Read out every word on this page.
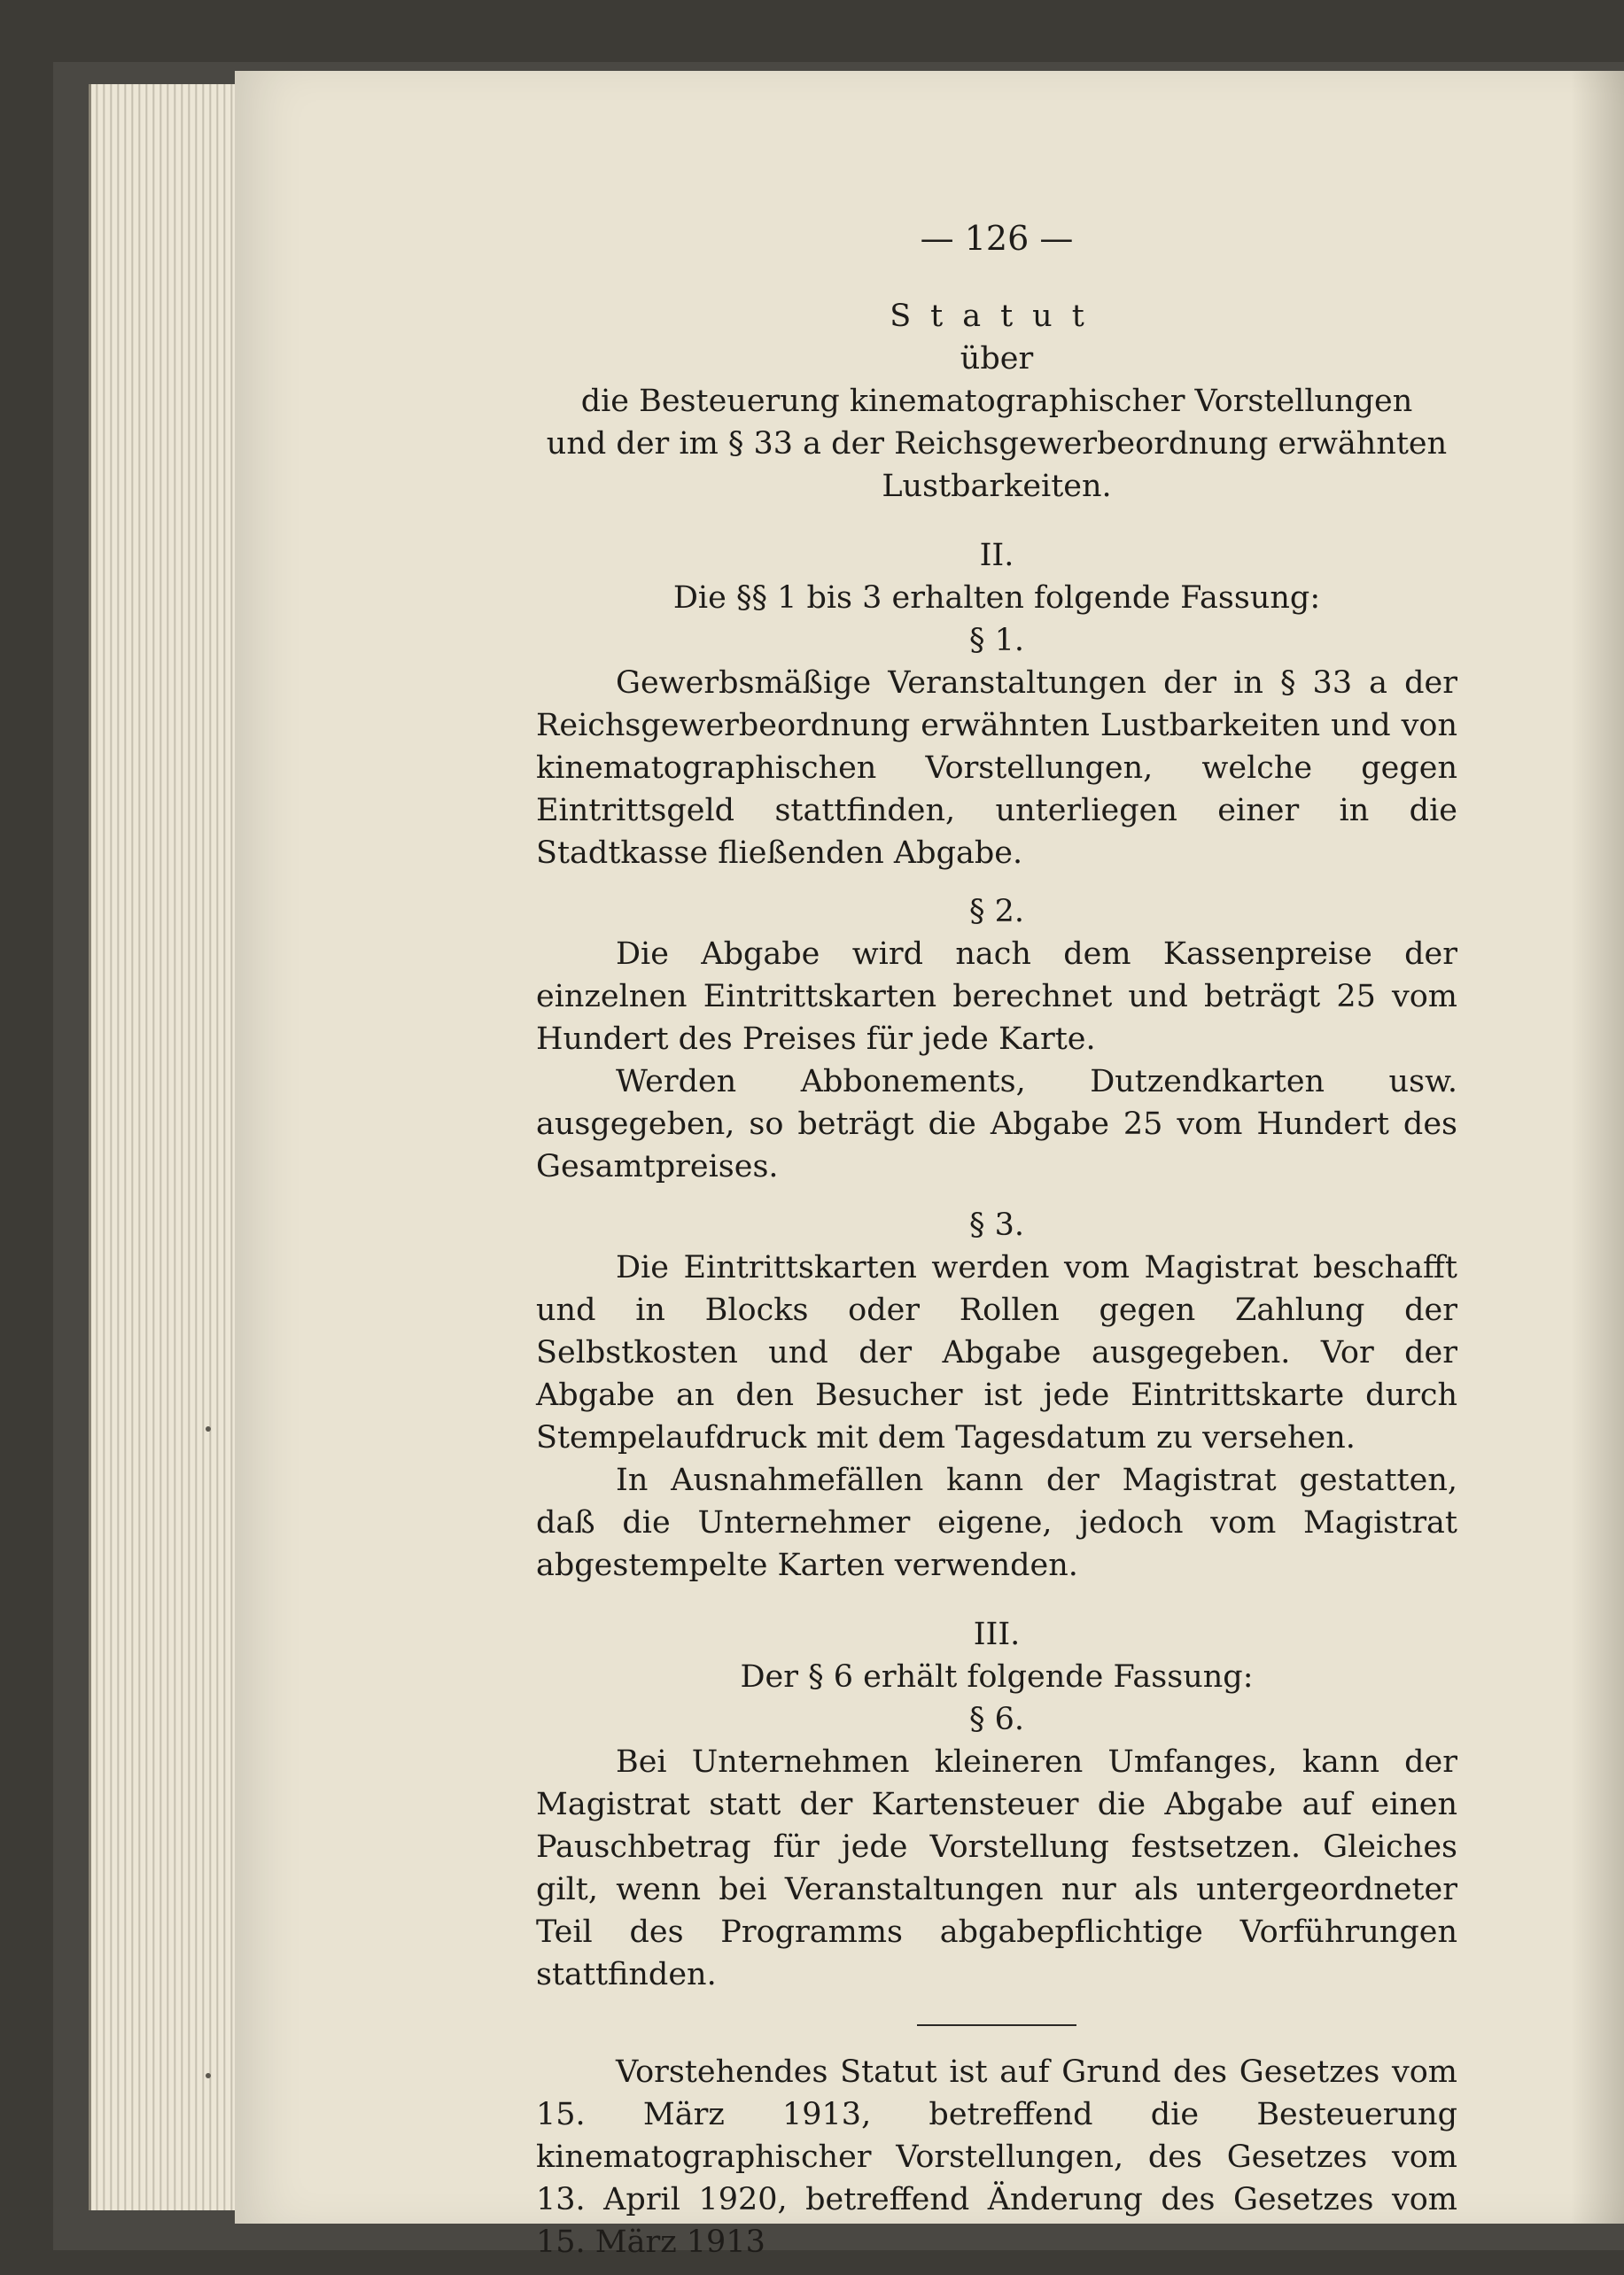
— 126 —
Statut
über
die Besteuerung kinematographischer Vorstellungen
und der im § 33 a der Reichsgewerbeordnung erwähnten
Lustbarkeiten.
II.
Die §§ 1 bis 3 erhalten folgende Fassung:
§ 1.
Gewerbsmäßige Veranstaltungen der in § 33 a der Reichsgewerbeordnung erwähnten Lustbarkeiten und von kinematographischen Vorstellungen, welche gegen Eintrittsgeld stattfinden, unterliegen einer in die Stadtkasse fließenden Abgabe.
§ 2.
Die Abgabe wird nach dem Kassenpreise der einzelnen Eintrittskarten berechnet und beträgt 25 vom Hundert des Preises für jede Karte.
Werden Abbonements, Dutzendkarten usw. ausgegeben, so beträgt die Abgabe 25 vom Hundert des Gesamtpreises.
§ 3.
Die Eintrittskarten werden vom Magistrat beschafft und in Blocks oder Rollen gegen Zahlung der Selbstkosten und der Abgabe ausgegeben. Vor der Abgabe an den Besucher ist jede Eintrittskarte durch Stempelaufdruck mit dem Tagesdatum zu versehen.
In Ausnahmefällen kann der Magistrat gestatten, daß die Unternehmer eigene, jedoch vom Magistrat abgestempelte Karten verwenden.
III.
Der § 6 erhält folgende Fassung:
§ 6.
Bei Unternehmen kleineren Umfanges, kann der Magistrat statt der Kartensteuer die Abgabe auf einen Pauschbetrag für jede Vorstellung festsetzen. Gleiches gilt, wenn bei Veranstaltungen nur als untergeordneter Teil des Programms abgabepflichtige Vorführungen stattfinden.
Vorstehendes Statut ist auf Grund des Gesetzes vom 15. März 1913, betreffend die Besteuerung kinematographischer Vorstellungen, des Gesetzes vom 13. April 1920, betreffend Änderung des Gesetzes vom 15. März 1913
